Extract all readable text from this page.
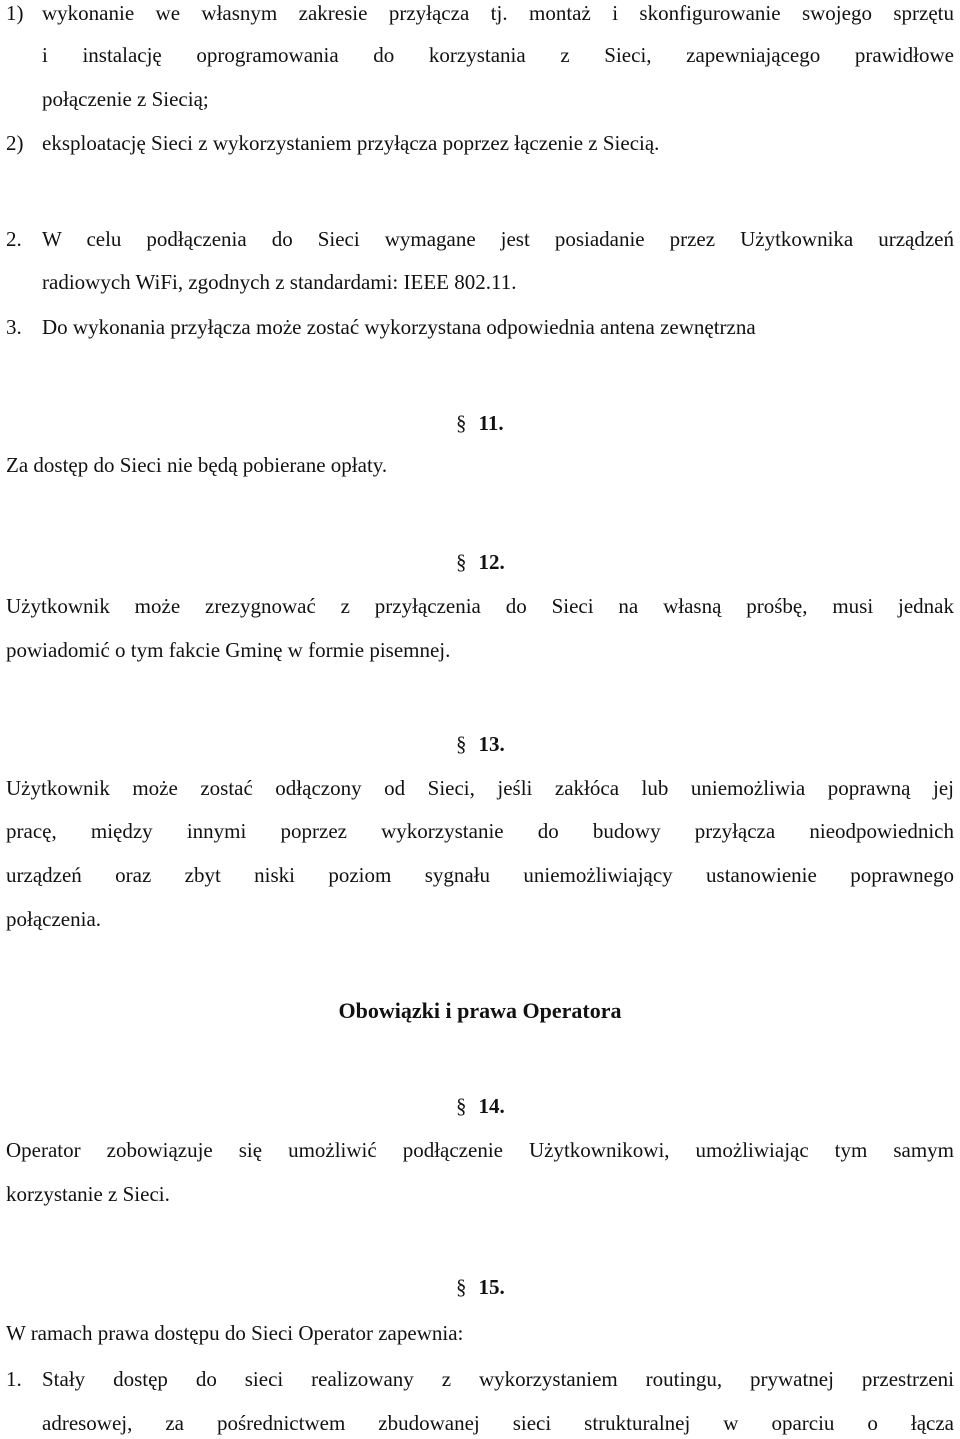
1) wykonanie we własnym zakresie przyłącza tj. montaż i skonfigurowanie swojego sprzętu
i instalację oprogramowania do korzystania z Sieci, zapewniającego prawidłowe
połączenie z Siecią;
2) eksploatację Sieci z wykorzystaniem przyłącza poprzez łączenie z Siecią.
2. W celu podłączenia do Sieci wymagane jest posiadanie przez Użytkownika urządzeń
radiowych WiFi, zgodnych z standardami: IEEE 802.11.
3. Do wykonania przyłącza może zostać wykorzystana odpowiednia antena zewnętrzna
§ 11.
Za dostęp do Sieci nie będą pobierane opłaty.
§ 12.
Użytkownik może zrezygnować z przyłączenia do Sieci na własną prośbę, musi jednak
powiadomić o tym fakcie Gminę w formie pisemnej.
§ 13.
Użytkownik może zostać odłączony od Sieci, jeśli zakłóca lub uniemożliwia poprawną jej
pracę, między innymi poprzez wykorzystanie do budowy przyłącza nieodpowiednich
urządzeń oraz zbyt niski poziom sygnału uniemożliwiający ustanowienie poprawnego
połączenia.
Obowiązki i prawa Operatora
§ 14.
Operator zobowiązuje się umożliwić podłączenie Użytkownikowi, umożliwiając tym samym
korzystanie z Sieci.
§ 15.
W ramach prawa dostępu do Sieci Operator zapewnia:
1. Stały dostęp do sieci realizowany z wykorzystaniem routingu, prywatnej przestrzeni
adresowej, za pośrednictwem zbudowanej sieci strukturalnej w oparciu o łącza
